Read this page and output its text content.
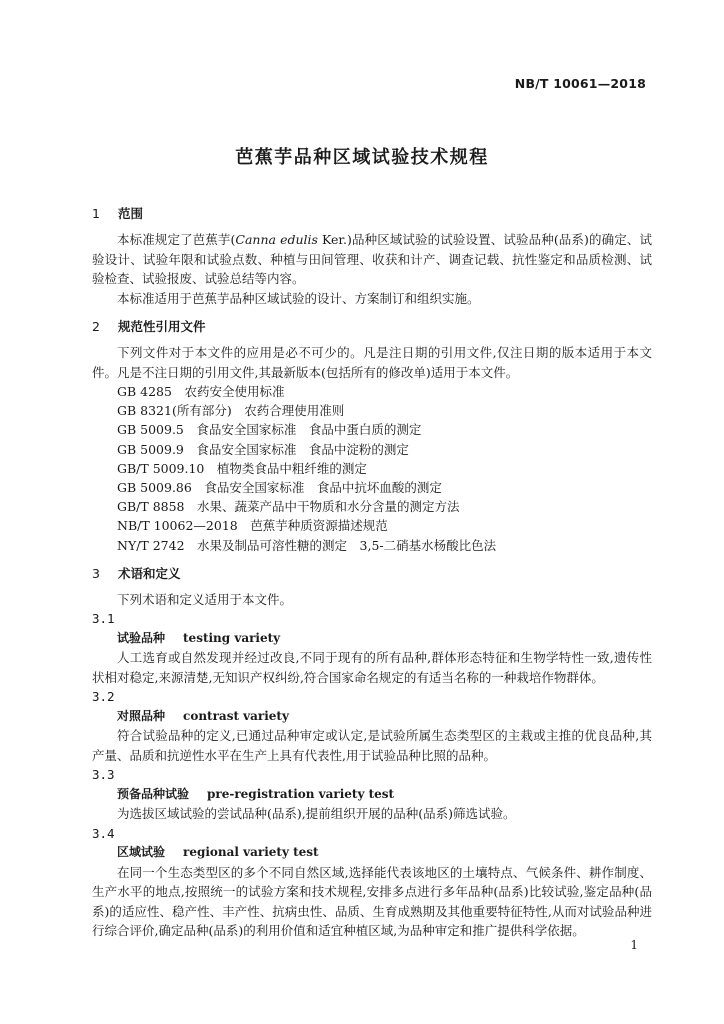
NB/T 10061—2018
芭蕉芋品种区域试验技术规程
1 范围

本标准规定了芭蕉芋(Canna edulis Ker.)品种区域试验的试验设置、试验品种(品系)的确定、试验设计、试验年限和试验点数、种植与田间管理、收获和计产、调查记载、抗性鉴定和品质检测、试验检查、试验报废、试验总结等内容。

本标准适用于芭蕉芋品种区域试验的设计、方案制订和组织实施。

2 规范性引用文件

下列文件对于本文件的应用是必不可少的。凡是注日期的引用文件,仅注日期的版本适用于本文件。凡是不注日期的引用文件,其最新版本(包括所有的修改单)适用于本文件。

GB 4285　 农药安全使用标准
GB 8321(所有部分)　 农药合理使用准则
GB 5009.5　 食品安全国家标准　食品中蛋白质的测定
GB 5009.9　 食品安全国家标准　食品中淀粉的测定
GB/T 5009.10　 植物类食品中粗纤维的测定
GB 5009.86　 食品安全国家标准　食品中抗坏血酸的测定
GB/T 8858　 水果、蔬菜产品中干物质和水分含量的测定方法
NB/T 10062—2018　 芭蕉芋种质资源描述规范
NY/T 2742　 水果及制品可溶性糖的测定　3,5-二硝基水杨酸比色法
3 术语和定义

下列术语和定义适用于本文件。

3.1
试验品种 testing variety

人工选育或自然发现并经过改良,不同于现有的所有品种,群体形态特征和生物学特性一致,遗传性状相对稳定,来源清楚,无知识产权纠纷,符合国家命名规定的有适当名称的一种栽培作物群体。

3.2
对照品种 contrast variety

符合试验品种的定义,已通过品种审定或认定,是试验所属生态类型区的主栽或主推的优良品种,其产量、品质和抗逆性水平在生产上具有代表性,用于试验品种比照的品种。

3.3
预备品种试验 pre-registration variety test

为选拔区域试验的尝试品种(品系),提前组织开展的品种(品系)筛选试验。

3.4
区域试验 regional variety test

在同一个生态类型区的多个不同自然区域,选择能代表该地区的土壤特点、气候条件、耕作制度、生产水平的地点,按照统一的试验方案和技术规程,安排多点进行多年品种(品系)比较试验,鉴定品种(品系)的适应性、稳产性、丰产性、抗病虫性、品质、生育成熟期及其他重要特征特性,从而对试验品种进行综合评价,确定品种(品系)的利用价值和适宜种植区域,为品种审定和推广提供科学依据。

1
